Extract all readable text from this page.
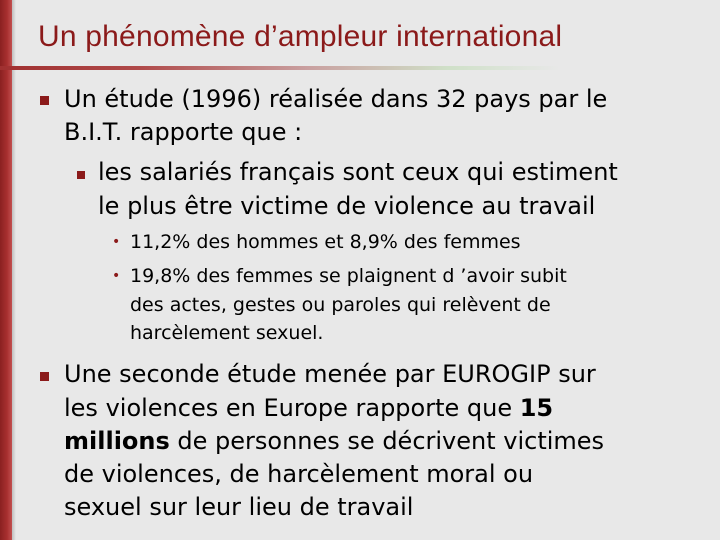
Un phénomène d’ampleur international
Un étude (1996) réalisée dans 32 pays par le
B.I.T. rapporte que :
les salariés français sont ceux qui estiment
le plus être victime de violence au travail
• 11,2% des hommes et 8,9% des femmes
• 19,8% des femmes se plaignent d ’avoir subit
des actes, gestes ou paroles qui relèvent de
harcèlement sexuel.
Une seconde étude menée par EUROGIP sur
les violences en Europe rapporte que 15
millions de personnes se décrivent victimes
de violences, de harcèlement moral ou
sexuel sur leur lieu de travail
